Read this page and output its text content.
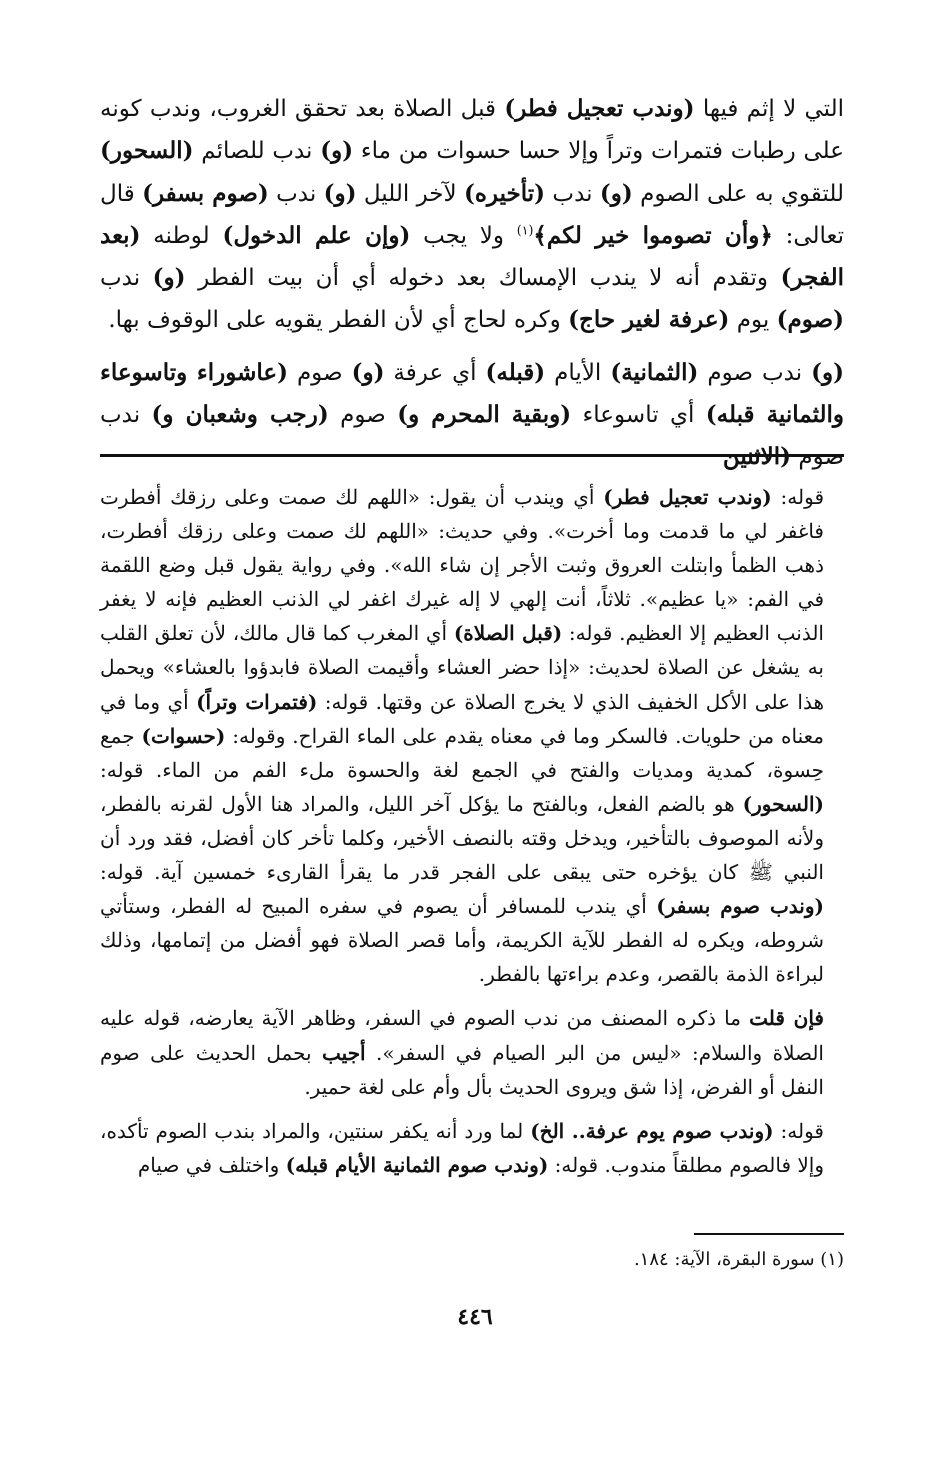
التي لا إثم فيها (وندب تعجيل فطر) قبل الصلاة بعد تحقق الغروب، وندب كونه على رطبات فتمرات وتراً وإلا حسا حسوات من ماء (و) ندب للصائم (السحور) للتقوي به على الصوم (و) ندب (تأخيره) لآخر الليل (و) ندب (صوم بسفر) قال تعالى: ﴿وأن تصوموا خير لكم﴾$^{(١)}$ ولا يجب (وإن علم الدخول) لوطنه (بعد الفجر) وتقدم أنه لا يندب الإمساك بعد دخوله أي أن بيت الفطر (و) ندب (صوم) يوم (عرفة لغير حاج) وكره لحاج أي لأن الفطر يقويه على الوقوف بها.

(و) ندب صوم (الثمانية) الأيام (قبله) أي عرفة (و) صوم (عاشوراء وتاسوعاء والثمانية قبله) أي تاسوعاء (وبقية المحرم و) صوم (رجب وشعبان و) ندب صوم (الاثنين

قوله: (وندب تعجيل فطر) أي ويندب أن يقول: «اللهم لك صمت وعلى رزقك أفطرت فاغفر لي ما قدمت وما أخرت». وفي حديث: «اللهم لك صمت وعلى رزقك أفطرت، ذهب الظمأ وابتلت العروق وثبت الأجر إن شاء الله». وفي رواية يقول قبل وضع اللقمة في الفم: «يا عظيم». ثلاثاً، أنت إلهي لا إله غيرك اغفر لي الذنب العظيم فإنه لا يغفر الذنب العظيم إلا العظيم. قوله: (قبل الصلاة) أي المغرب كما قال مالك، لأن تعلق القلب به يشغل عن الصلاة لحديث: «إذا حضر العشاء وأقيمت الصلاة فابدؤوا بالعشاء» ويحمل هذا على الأكل الخفيف الذي لا يخرج الصلاة عن وقتها. قوله: (فتمرات وتراً) أي وما في معناه من حلويات. فالسكر وما في معناه يقدم على الماء القراح. وقوله: (حسوات) جمع حِسوة، كمدية ومديات والفتح في الجمع لغة والحسوة ملء الفم من الماء. قوله: (السحور) هو بالضم الفعل، وبالفتح ما يؤكل آخر الليل، والمراد هنا الأول لقرنه بالفطر، ولأنه الموصوف بالتأخير، ويدخل وقته بالنصف الأخير، وكلما تأخر كان أفضل، فقد ورد أن النبي ﷺ كان يؤخره حتى يبقى على الفجر قدر ما يقرأ القارىء خمسين آية. قوله: (وندب صوم بسفر) أي يندب للمسافر أن يصوم في سفره المبيح له الفطر، وستأتي شروطه، ويكره له الفطر للآية الكريمة، وأما قصر الصلاة فهو أفضل من إتمامها، وذلك لبراءة الذمة بالقصر، وعدم براءتها بالفطر.

فإن قلت ما ذكره المصنف من ندب الصوم في السفر، وظاهر الآية يعارضه، قوله عليه الصلاة والسلام: «ليس من البر الصيام في السفر». أجيب بحمل الحديث على صوم النفل أو الفرض، إذا شق ويروى الحديث بأل وأم على لغة حمير.

قوله: (وندب صوم يوم عرفة.. الخ) لما ورد أنه يكفر سنتين، والمراد بندب الصوم تأكده، وإلا فالصوم مطلقاً مندوب. قوله: (وندب صوم الثمانية الأيام قبله) واختلف في صيام

(١) سورة البقرة، الآية: ١٨٤.
٤٤٦
